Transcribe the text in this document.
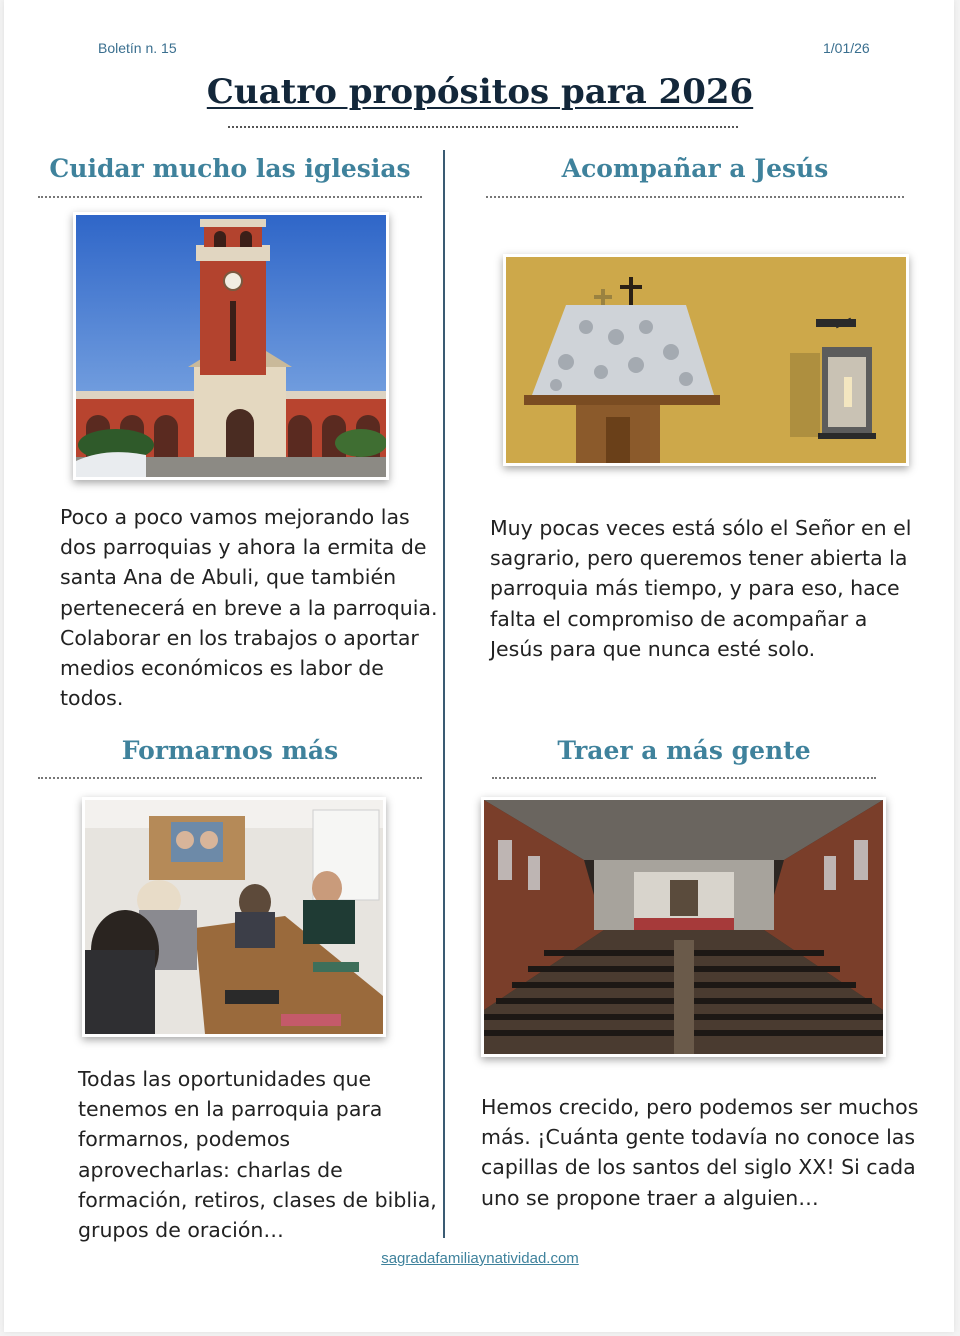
Boletín n. 15	1/01/26
Cuatro propósitos para 2026
Cuidar mucho las iglesias
Poco a poco vamos mejorando las dos parroquias y ahora la ermita de santa Ana de Abuli, que también pertenecerá en breve a la parroquia. Colaborar en los trabajos o aportar medios económicos es labor de todos.
Acompañar a Jesús
Muy pocas veces está sólo el Señor en el sagrario, pero queremos tener abierta la parroquia más tiempo, y para eso, hace falta el compromiso de acompañar a Jesús para que nunca esté solo.
Formarnos más
Todas las oportunidades que tenemos en la parroquia para formarnos, podemos aprovecharlas: charlas de formación, retiros, clases de biblia, grupos de oración…
Traer a más gente
Hemos crecido, pero podemos ser muchos más. ¡Cuánta gente todavía no conoce las capillas de los santos del siglo XX! Si cada uno se propone traer a alguien…
sagradafamiliaynatividad.com
